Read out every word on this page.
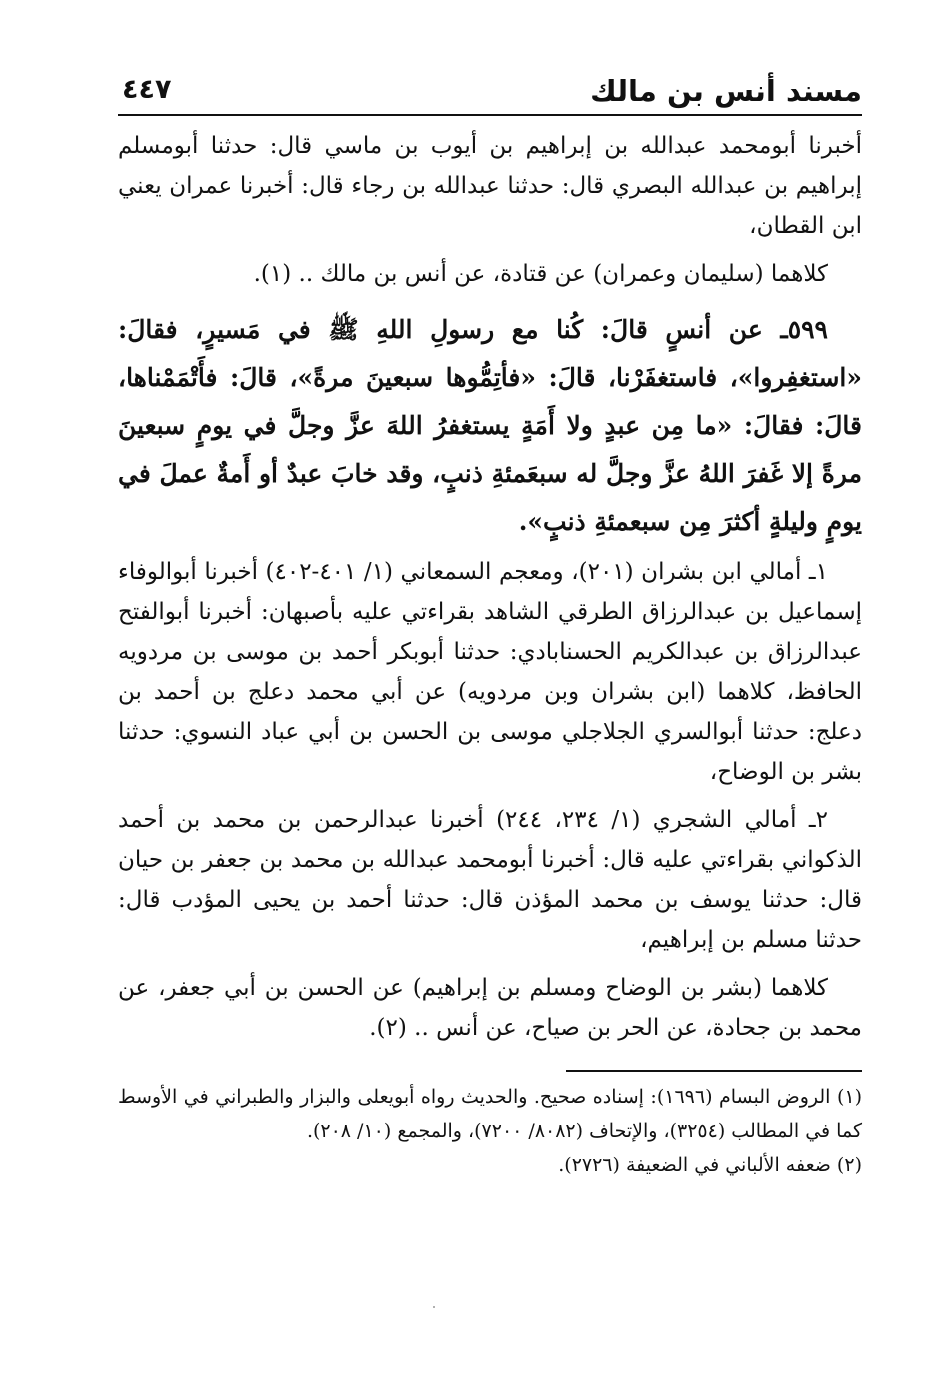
مسند أنس بن مالك
٤٤٧

أخبرنا أبومحمد عبدالله بن إبراهيم بن أيوب بن ماسي قال: حدثنا أبومسلم إبراهيم بن عبدالله البصري قال: حدثنا عبدالله بن رجاء قال: أخبرنا عمران يعني ابن القطان،

كلاهما (سليمان وعمران) عن قتادة، عن أنس بن مالك .. (١).

٥٩٩ـ عن أنسٍ قالَ: كُنا مع رسولِ اللهِ ﷺ في مَسيرٍ، فقالَ: «استغفِروا»، فاستغفَرْنا، قالَ: «فأتِمُّوها سبعينَ مرةً»، قالَ: فأَتْمَمْناها، قالَ: فقالَ: «ما مِن عبدٍ ولا أَمَةٍ يستغفرُ اللهَ عزَّ وجلَّ في يومٍ سبعينَ مرةً إلا غَفرَ اللهُ عزَّ وجلَّ له سبعَمئةِ ذنبٍ، وقد خابَ عبدٌ أو أَمةٌ عملَ في يومٍ وليلةٍ أكثرَ مِن سبعمئةِ ذنبٍ».

١ـ أمالي ابن بشران (٢٠١)، ومعجم السمعاني (١/ ٤٠١-٤٠٢) أخبرنا أبوالوفاء إسماعيل بن عبدالرزاق الطرقي الشاهد بقراءتي عليه بأصبهان: أخبرنا أبوالفتح عبدالرزاق بن عبدالكريم الحسنابادي: حدثنا أبوبكر أحمد بن موسى بن مردويه الحافظ، كلاهما (ابن بشران وبن مردويه) عن أبي محمد دعلج بن أحمد بن دعلج: حدثنا أبوالسري الجلاجلي موسى بن الحسن بن أبي عباد النسوي: حدثنا بشر بن الوضاح،

٢ـ أمالي الشجري (١/ ٢٣٤، ٢٤٤) أخبرنا عبدالرحمن بن محمد بن أحمد الذكواني بقراءتي عليه قال: أخبرنا أبومحمد عبدالله بن محمد بن جعفر بن حيان قال: حدثنا يوسف بن محمد المؤذن قال: حدثنا أحمد بن يحيى المؤدب قال: حدثنا مسلم بن إبراهيم،

كلاهما (بشر بن الوضاح ومسلم بن إبراهيم) عن الحسن بن أبي جعفر، عن محمد بن جحادة، عن الحر بن صياح، عن أنس .. (٢).

(١) الروض البسام (١٦٩٦): إسناده صحيح. والحديث رواه أبويعلى والبزار والطبراني في الأوسط كما في المطالب (٣٢٥٤)، والإتحاف (٨٠٨٢/ ٧٢٠٠)، والمجمع (١٠/ ٢٠٨).

(٢) ضعفه الألباني في الضعيفة (٢٧٢٦).
